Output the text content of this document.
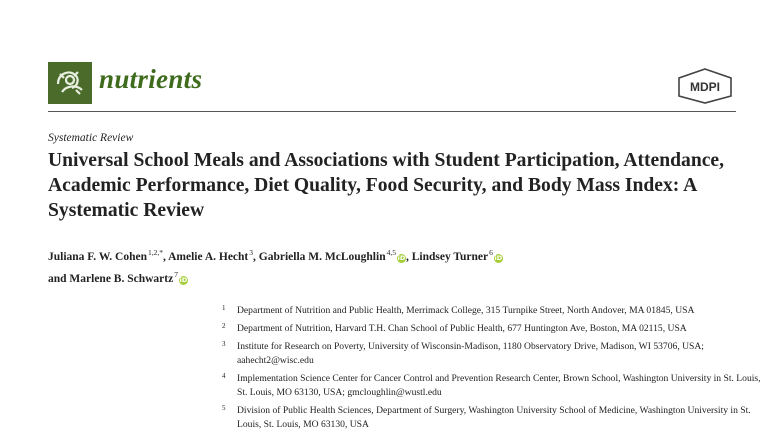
nutrients	MDPI
Systematic Review
Universal School Meals and Associations with Student Participation, Attendance, Academic Performance, Diet Quality, Food Security, and Body Mass Index: A Systematic Review
Juliana F. W. Cohen$^{1,2,*}$, Amelie A. Hecht$^3$, Gabriella M. McLoughlin$^{4,5}$iD, Lindsey Turner$^6$iD
and Marlene B. Schwartz$^7$iD
1 Department of Nutrition and Public Health, Merrimack College, 315 Turnpike Street, North Andover, MA 01845, USA
2 Department of Nutrition, Harvard T.H. Chan School of Public Health, 677 Huntington Ave, Boston, MA 02115, USA
3 Institute for Research on Poverty, University of Wisconsin-Madison, 1180 Observatory Drive, Madison, WI 53706, USA; aahecht2@wisc.edu
4 Implementation Science Center for Cancer Control and Prevention Research Center, Brown School, Washington University in St. Louis, St. Louis, MO 63130, USA; gmcloughlin@wustl.edu
5 Division of Public Health Sciences, Department of Surgery, Washington University School of Medicine, Washington University in St. Louis, St. Louis, MO 63130, USA
